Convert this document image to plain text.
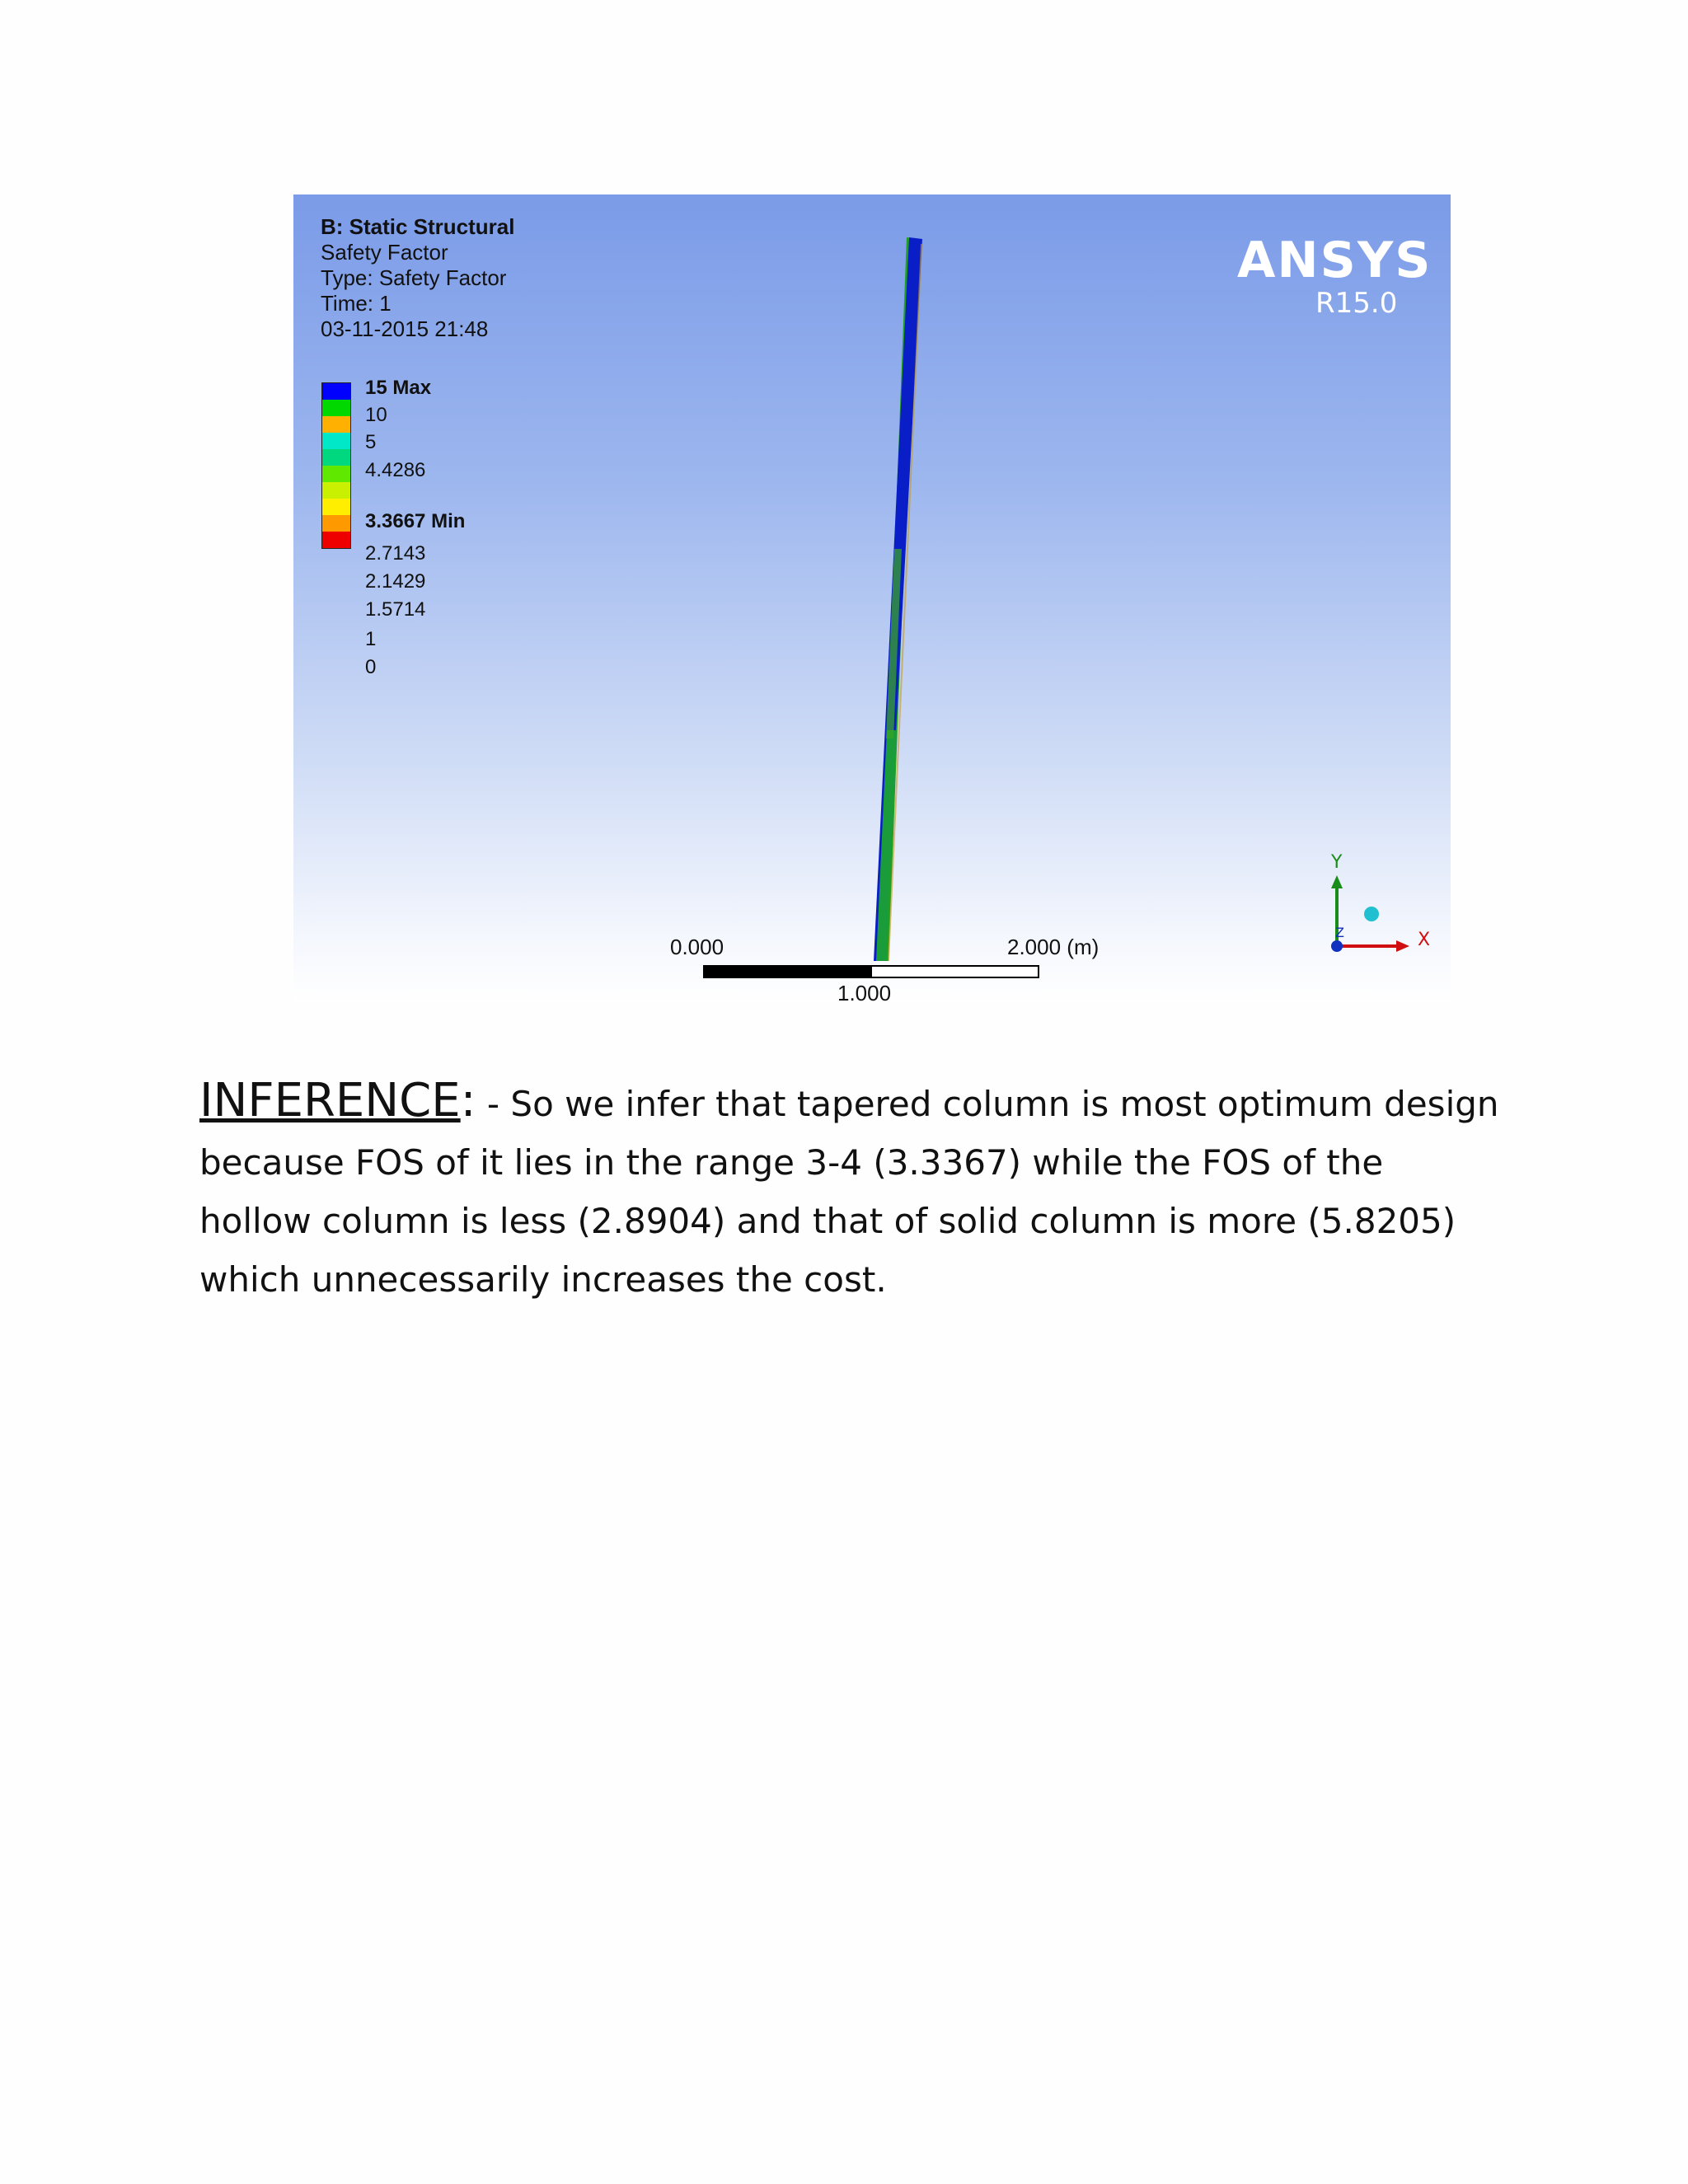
B: Static Structural
Safety Factor
Type: Safety Factor
Time: 1
03-11-2015 21:48
15 Max
10
5
4.4286
3.3667 Min
2.7143
2.1429
1.5714
1
0
ANSYS
R15.0
0.000
1.000
2.000 (m)
Y
X
Z
INFERENCE: - So we infer that tapered column is most optimum design because FOS of it lies in the range 3-4 (3.3367) while the FOS of the hollow column is less (2.8904) and that of solid column is more (5.8205) which unnecessarily increases the cost.
